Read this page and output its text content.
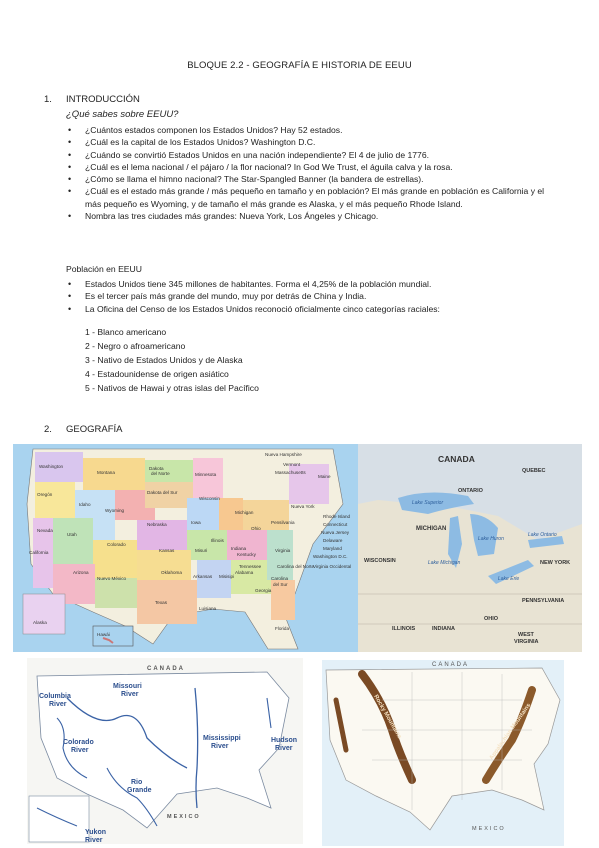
BLOQUE 2.2 - GEOGRAFÍA E HISTORIA DE EEUU
1. INTRODUCCIÓN
¿Qué sabes sobre EEUU?
• ¿Cuántos estados componen los Estados Unidos? Hay 52 estados.
• ¿Cuál es la capital de los Estados Unidos? Washington D.C.
• ¿Cuándo se convirtió Estados Unidos en una nación independiente? El 4 de julio de 1776.
• ¿Cuál es el lema nacional / el pájaro / la flor nacional? In God We Trust, el águila calva y la rosa.
• ¿Cómo se llama el himno nacional? The Star-Spangled Banner (la bandera de estrellas).
• ¿Cuál es el estado más grande / más pequeño en tamaño y en población? El más grande en población es California y el más pequeño es Wyoming, y de tamaño el más grande es Alaska, y el más pequeño Rhode Island.
• Nombra las tres ciudades más grandes: Nueva York, Los Ángeles y Chicago.
Población en EEUU
• Estados Unidos tiene 345 millones de habitantes. Forma el 4,25% de la población mundial.
• Es el tercer país más grande del mundo, muy por detrás de China y India.
• La Oficina del Censo de los Estados Unidos reconoció oficialmente cinco categorías raciales:
1 - Blanco americano
2 - Negro o afroamericano
3 - Nativo de Estados Unidos y de Alaska
4 - Estadounidense de origen asiático
5 - Nativos de Hawai y otras islas del Pacífico
2. GEOGRAFÍA
Washington
Montana
Dakota
del Norte	Minnesota
Nueva Hampshire
Vermont
Massachusetts
Maine
Oregón
Idaho
Dakota del Sur
Wisconsin
Michigan
Nueva York
Rhode Island
Connecticut
Nueva Jersey
Delaware
Maryland
Washington D.C.
Virginia Occidental
Wyoming
Nebraska	Iowa
Illinois
Indiana
Ohio
Pensilvania
Nevada
Utah
Colorado
Kansas	Misuri
Kentucky
Virginia
California
Tennessee	Carolina del Norte
Carolina
del Sur
Arizona
Nuevo México
Oklahoma
Arkansas Misisipi
Alabama
Georgia
Texas
Luisiana
Florida
Alaska
Hawái
CANADA
QUEBEC
ONTARIO
Lake Superior
MICHIGAN
Lake Huron
Lake Ontario
Lake Michigan
Lake Erie
WISCONSIN	NEW YORK
PENNSYLVANIA
OHIO
INDIANA
ILLINOIS
WEST
VIRGINIA
CANADA
Columbia
River
Missouri
River
Colorado
River
Mississippi
River
Hudson
River
Rio
Grande
MEXICO
Yukon
River
CANADA
Rocky Mountains	Appalachian Mountains
MEXICO
